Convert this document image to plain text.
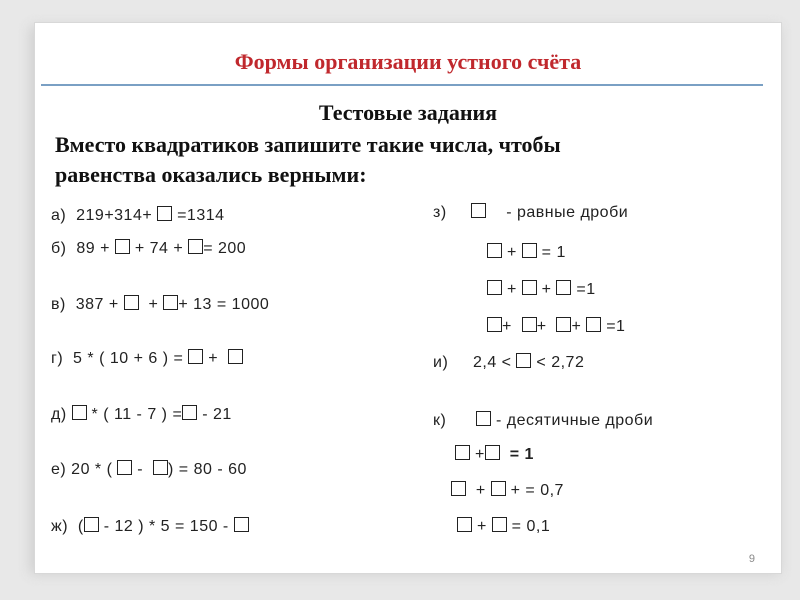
Формы организации устного счёта
Тестовые задания
Вместо квадратиков запишите такие числа, чтобы
равенства оказались верными:
а)  219+314+  =1314
б)  89 +  + 74 + = 200
в)  387 +   + + 13 = 1000
г)  5 * ( 10 + 6 ) =  +
д)  * ( 11 - 7 ) = - 21
е) 20 * (  -  ) = 80 - 60
ж)  ( - 12 ) * 5 = 150 -
з)	- равные дроби
+  = 1
+  +  =1
+  +  +  =1
и)     2,4 <  < 2,72
к)	- десятичные дроби
+  = 1
+  + = 0,7
+  = 0,1
9
